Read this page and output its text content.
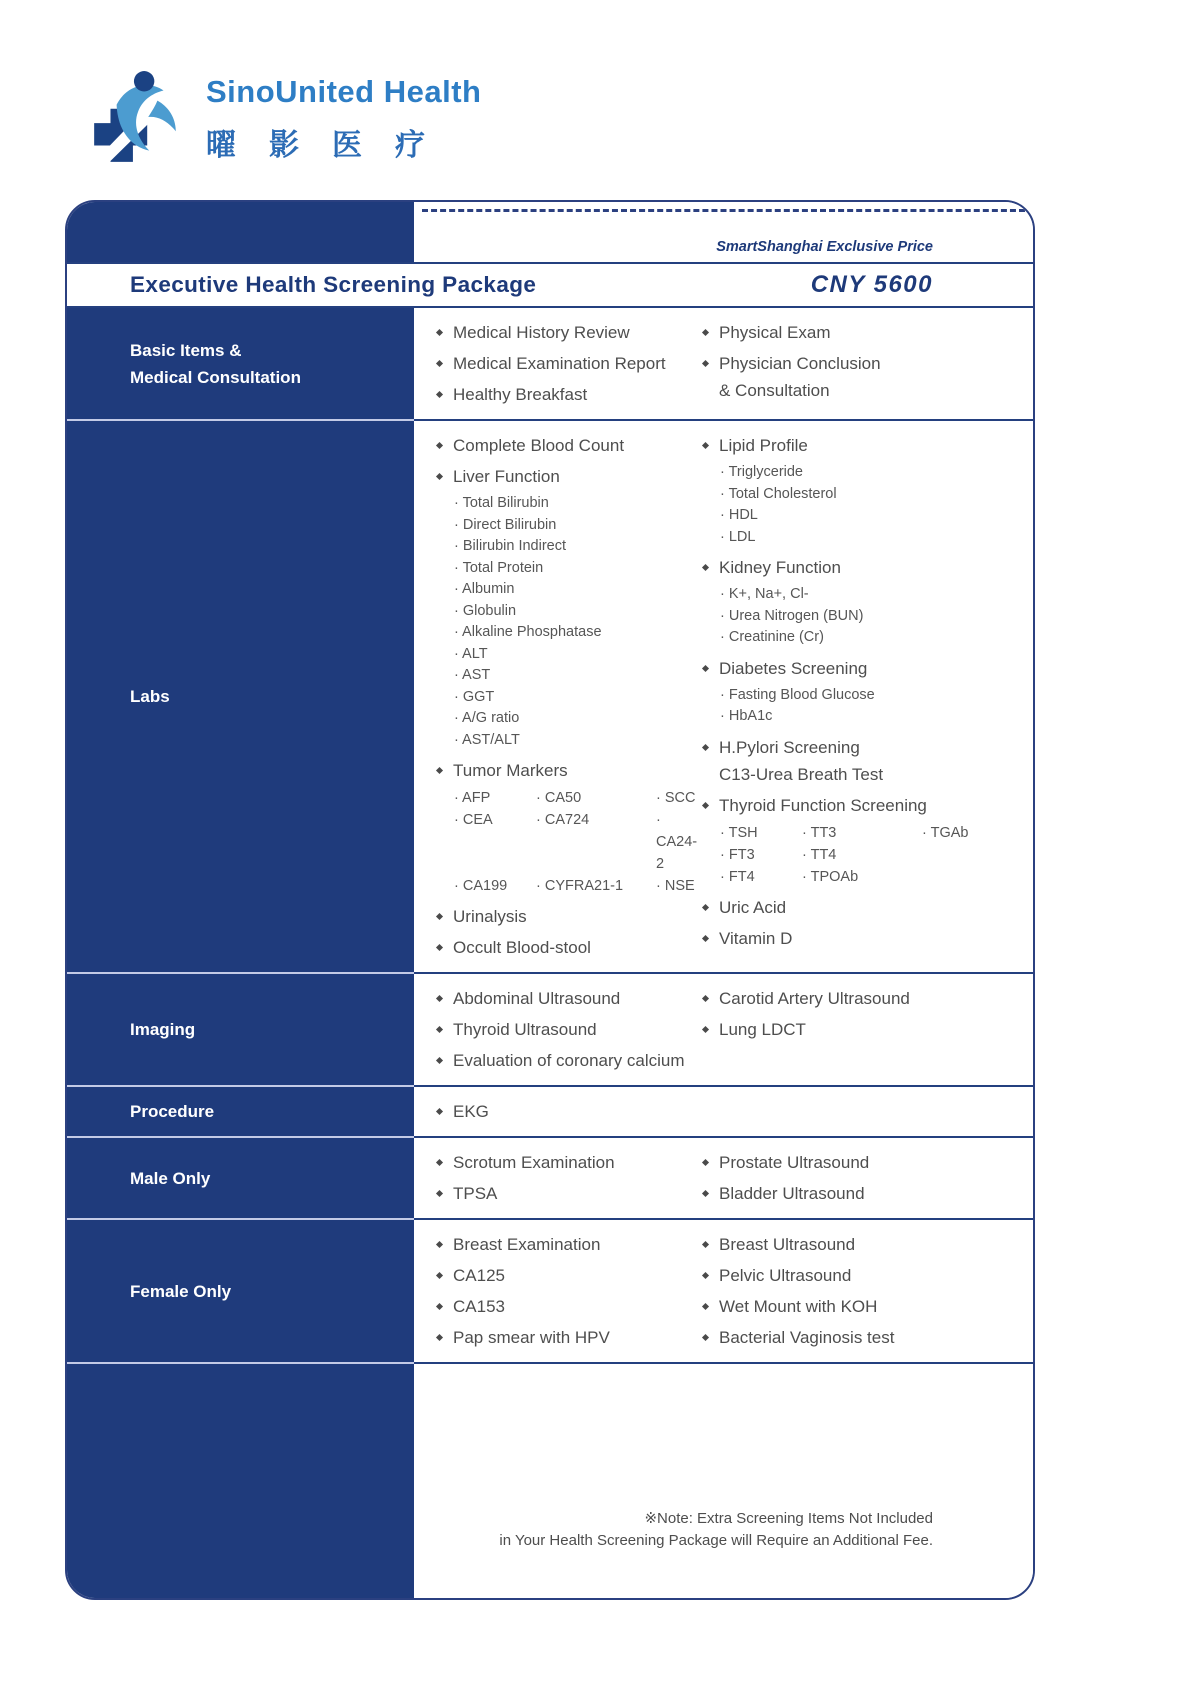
SinoUnited Health
曜影医疗
SmartShanghai Exclusive Price
Executive Health Screening Package	CNY 5600
Basic Items &
Medical Consultation
Medical History Review
Medical Examination Report
Healthy Breakfast
Physical Exam
Physician Conclusion
& Consultation
Labs
Complete Blood Count
Liver Function
· Total Bilirubin
· Direct Bilirubin
· Bilirubin Indirect
· Total Protein
· Albumin
· Globulin
· Alkaline Phosphatase
· ALT
· AST
· GGT
· A/G ratio
· AST/ALT
Tumor Markers
· AFP	· CA50	· SCC
· CEA	· CA724	· CA24-2
· CA199	· CYFRA21-1	· NSE
Urinalysis
Occult Blood-stool
Lipid Profile
· Triglyceride
· Total Cholesterol
· HDL
· LDL
Kidney Function
· K+, Na+, Cl-
· Urea Nitrogen (BUN)
· Creatinine (Cr)
Diabetes Screening
· Fasting Blood Glucose
· HbA1c
H.Pylori Screening
C13-Urea Breath Test
Thyroid Function Screening
· TSH	· TT3	· TGAb
· FT3	· TT4
· FT4	· TPOAb
Uric Acid
Vitamin D
Imaging
Abdominal Ultrasound
Thyroid Ultrasound
Evaluation of coronary calcium
Carotid Artery Ultrasound
Lung LDCT
Procedure	EKG
Male Only
Scrotum Examination
TPSA
Prostate Ultrasound
Bladder Ultrasound
Female Only
Breast Examination
CA125
CA153
Pap smear with HPV
Breast Ultrasound
Pelvic Ultrasound
Wet Mount with KOH
Bacterial Vaginosis test
※Note: Extra Screening Items Not Included
in Your Health Screening Package will Require an Additional Fee.
